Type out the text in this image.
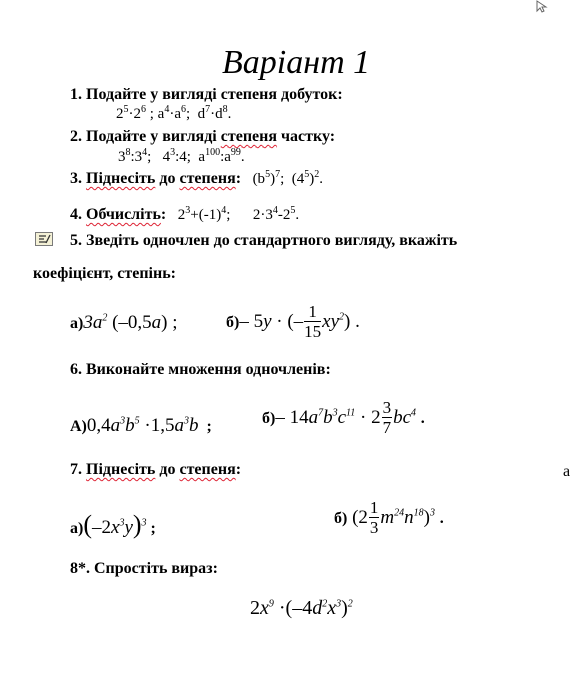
Варіант 1
1. Подайте у вигляді степеня добуток:
$2^5\cdot 2^6$ ; $a^4\cdot a^6$;  $d^7\cdot d^8$.
2. Подайте у вигляді степеня частку:
$3^8:3^4$;   $4^3:4$;  $a^{100}:a^{99}$.
3. Піднесіть до степеня:   $(b^5)^7$;  $(4^5)^2$.
4. Обчисліть:   $2^3+(-1)^4$;      $2\cdot 3^4-2^5$.
5. Зведіть одночлен до стандартного вигляду, вкажіть
коефіцієнт, степінь:
$а)3a^2$ (–0,5a) ;	б)– 5y · (– $\frac{1}{15} xy^2$) .
6. Виконайте множення одночленів:
$А)0,4a^3b^5 \cdot 1,5a^3b$  ;	б)– $14a^7b^3c^{11} \cdot 2 \frac{3}{7} bc^4$ .
7. Піднесіть до степеня:	а
$а)(-2x^3y)^3$ ;
б) $(2 \frac{1}{3} m^{24}n^{18})^3$ .
8*. Спростіть вираз:
$2x^9 \cdot(-4d^2x^3)^2$
